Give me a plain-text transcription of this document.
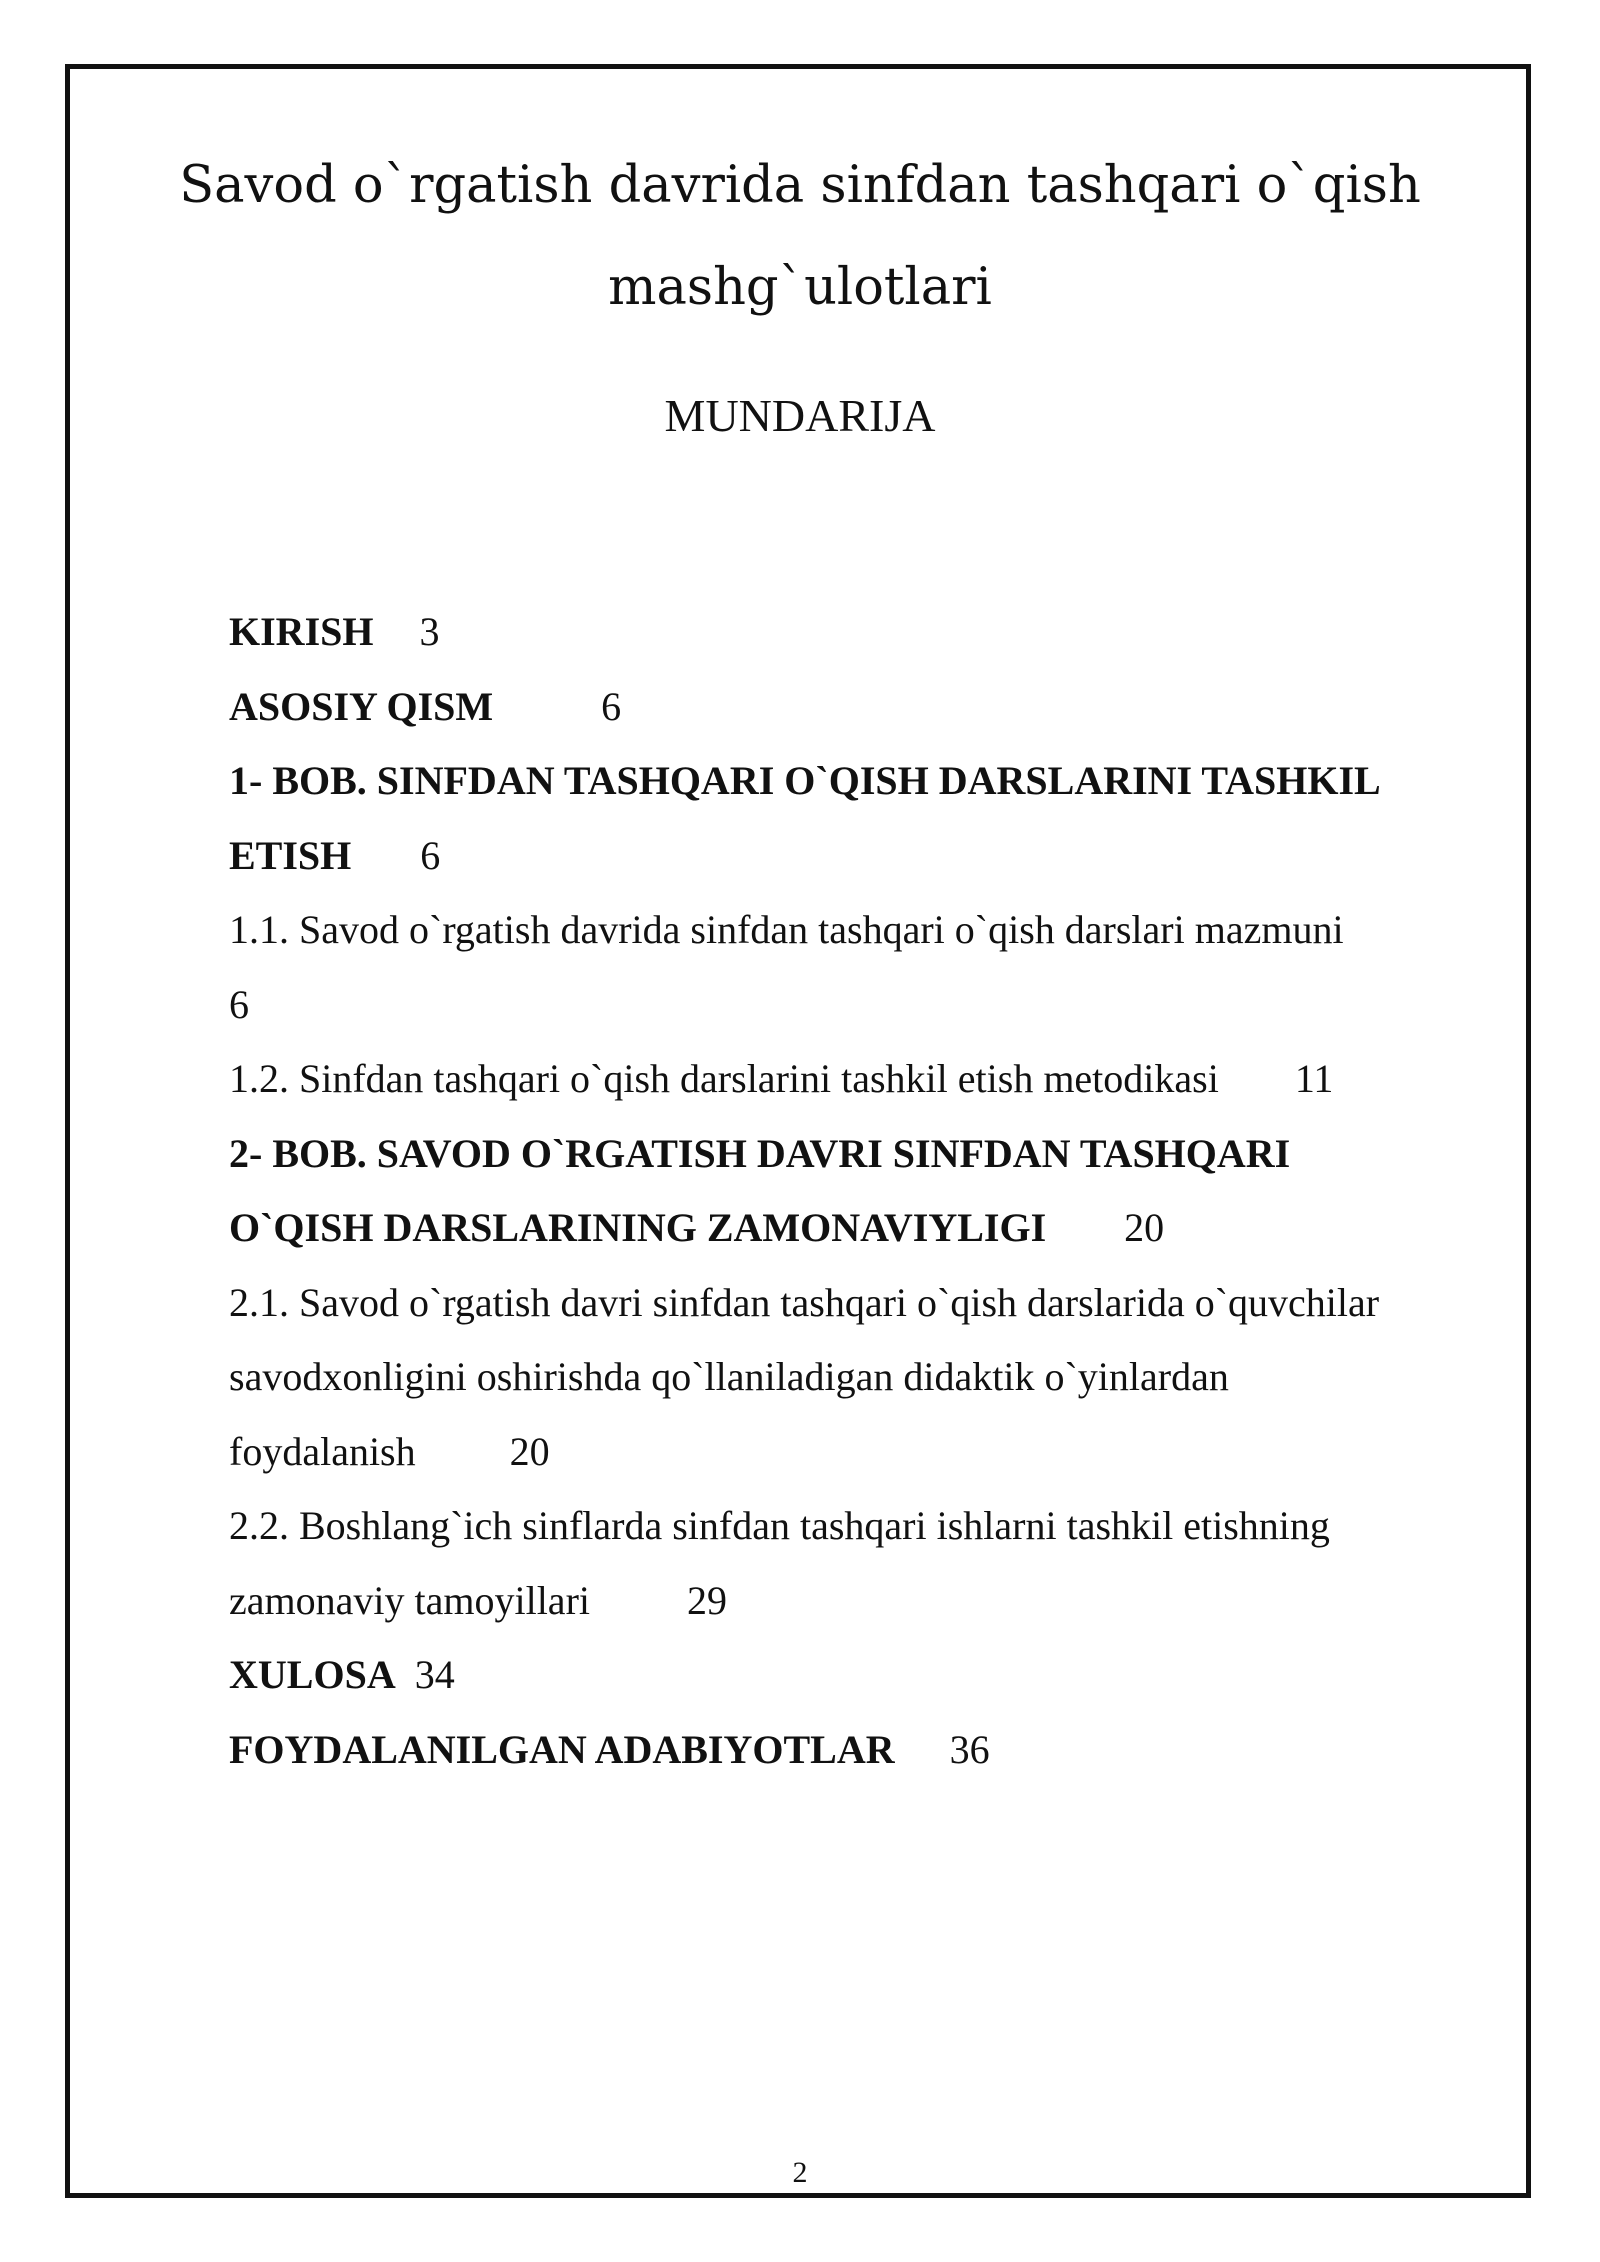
Savod o`rgatish davrida sinfdan tashqari o`qish
mashg`ulotlari
MUNDARIJA
KIRISH 3
ASOSIY QISM	6
1- BOB. SINFDAN TASHQARI O`QISH DARSLARINI TASHKIL
ETISH 6
1.1. Savod o`rgatish davrida sinfdan tashqari o`qish darslari mazmuni
6
1.2. Sinfdan tashqari o`qish darslarini tashkil etish metodikasi 11
2- BOB. SAVOD O`RGATISH DAVRI SINFDAN TASHQARI
O`QISH DARSLARINING ZAMONAVIYLIGI 20
2.1. Savod o`rgatish davri sinfdan tashqari o`qish darslarida o`quvchilar
savodxonligini oshirishda qo`llaniladigan didaktik o`yinlardan
foydalanish 20
2.2. Boshlang`ich sinflarda sinfdan tashqari ishlarni tashkil etishning
zamonaviy tamoyillari 29
XULOSA 34
FOYDALANILGAN ADABIYOTLAR 36
2
